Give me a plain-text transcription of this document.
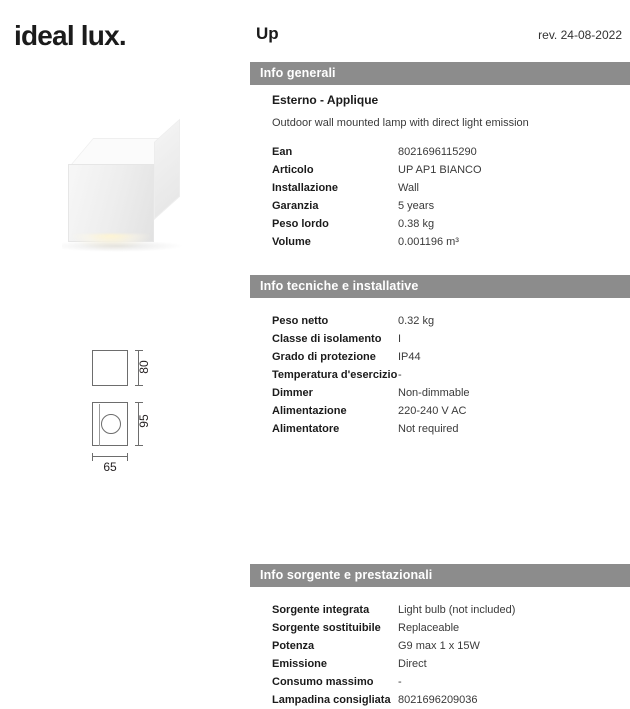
ideal lux.	Up	rev. 24-08-2022
80
95
65
Info generali
Esterno - Applique
Outdoor wall mounted lamp with direct light emission
Ean	8021696115290
Articolo	UP AP1 BIANCO
Installazione	Wall
Garanzia	5 years
Peso lordo	0.38 kg
Volume	0.001196 m³
Info tecniche e installative
Peso netto	0.32 kg
Classe di isolamento	I
Grado di protezione	IP44
Temperatura d'esercizio	-
Dimmer	Non-dimmable
Alimentazione	220-240 V AC
Alimentatore	Not required
Info sorgente e prestazionali
Sorgente integrata	Light bulb (not included)
Sorgente sostituibile	Replaceable
Potenza	G9 max 1 x 15W
Emissione	Direct
Consumo massimo	-
Lampadina consigliata	8021696209036
